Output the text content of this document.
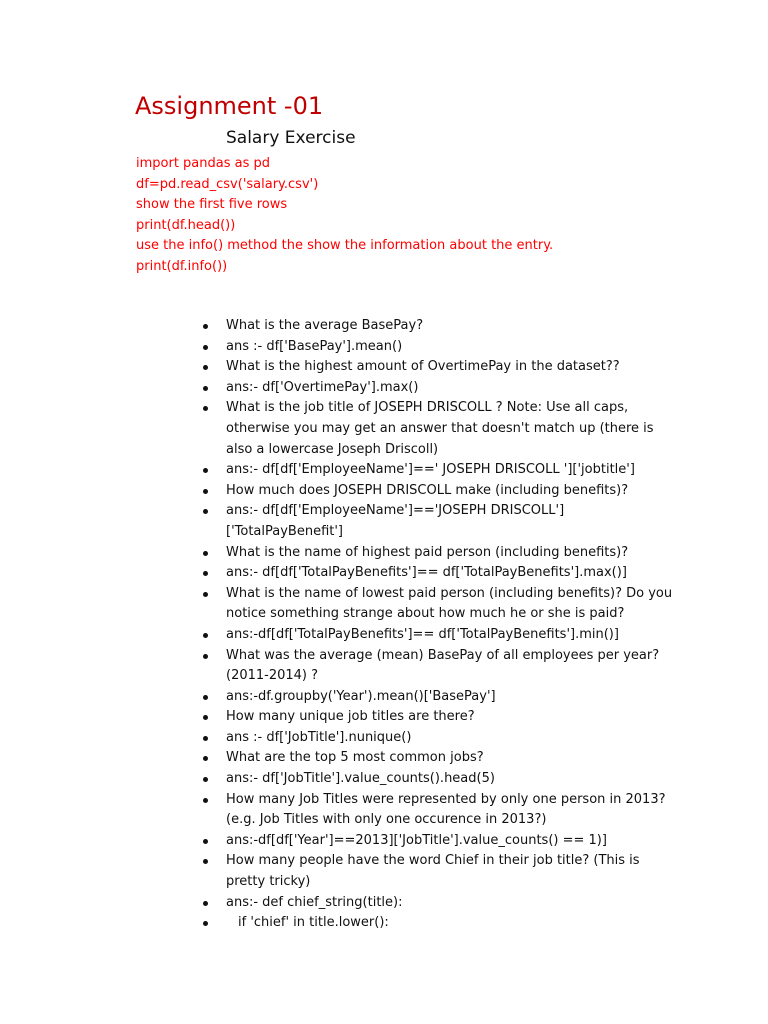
Assignment -01
Salary Exercise
import pandas as pd
df=pd.read_csv('salary.csv')
show the first five rows
print(df.head())
use the info() method the show the information about the entry.
print(df.info())
What is the average BasePay?
ans :- df['BasePay'].mean()
What is the highest amount of OvertimePay in the dataset??
ans:- df['OvertimePay'].max()
What is the job title of JOSEPH DRISCOLL ? Note: Use all caps, otherwise you may get an answer that doesn't match up (there is also a lowercase Joseph Driscoll)
ans:- df[df['EmployeeName']==' JOSEPH DRISCOLL ']['jobtitle']
How much does JOSEPH DRISCOLL make (including benefits)?
ans:- df[df['EmployeeName']=='JOSEPH DRISCOLL']['TotalPayBenefit']
What is the name of highest paid person (including benefits)?
ans:- df[df['TotalPayBenefits']== df['TotalPayBenefits'].max()]
What is the name of lowest paid person (including benefits)? Do you notice something strange about how much he or she is paid?
ans:-df[df['TotalPayBenefits']== df['TotalPayBenefits'].min()]
What was the average (mean) BasePay of all employees per year? (2011-2014) ?
ans:-df.groupby('Year').mean()['BasePay']
How many unique job titles are there?
ans :- df['JobTitle'].nunique()
What are the top 5 most common jobs?
ans:- df['JobTitle'].value_counts().head(5)
How many Job Titles were represented by only one person in 2013? (e.g. Job Titles with only one occurence in 2013?)
ans:-df[df['Year']==2013]['JobTitle'].value_counts() == 1)]
How many people have the word Chief in their job title? (This is pretty tricky)
ans:- def chief_string(title):
if 'chief' in title.lower():
